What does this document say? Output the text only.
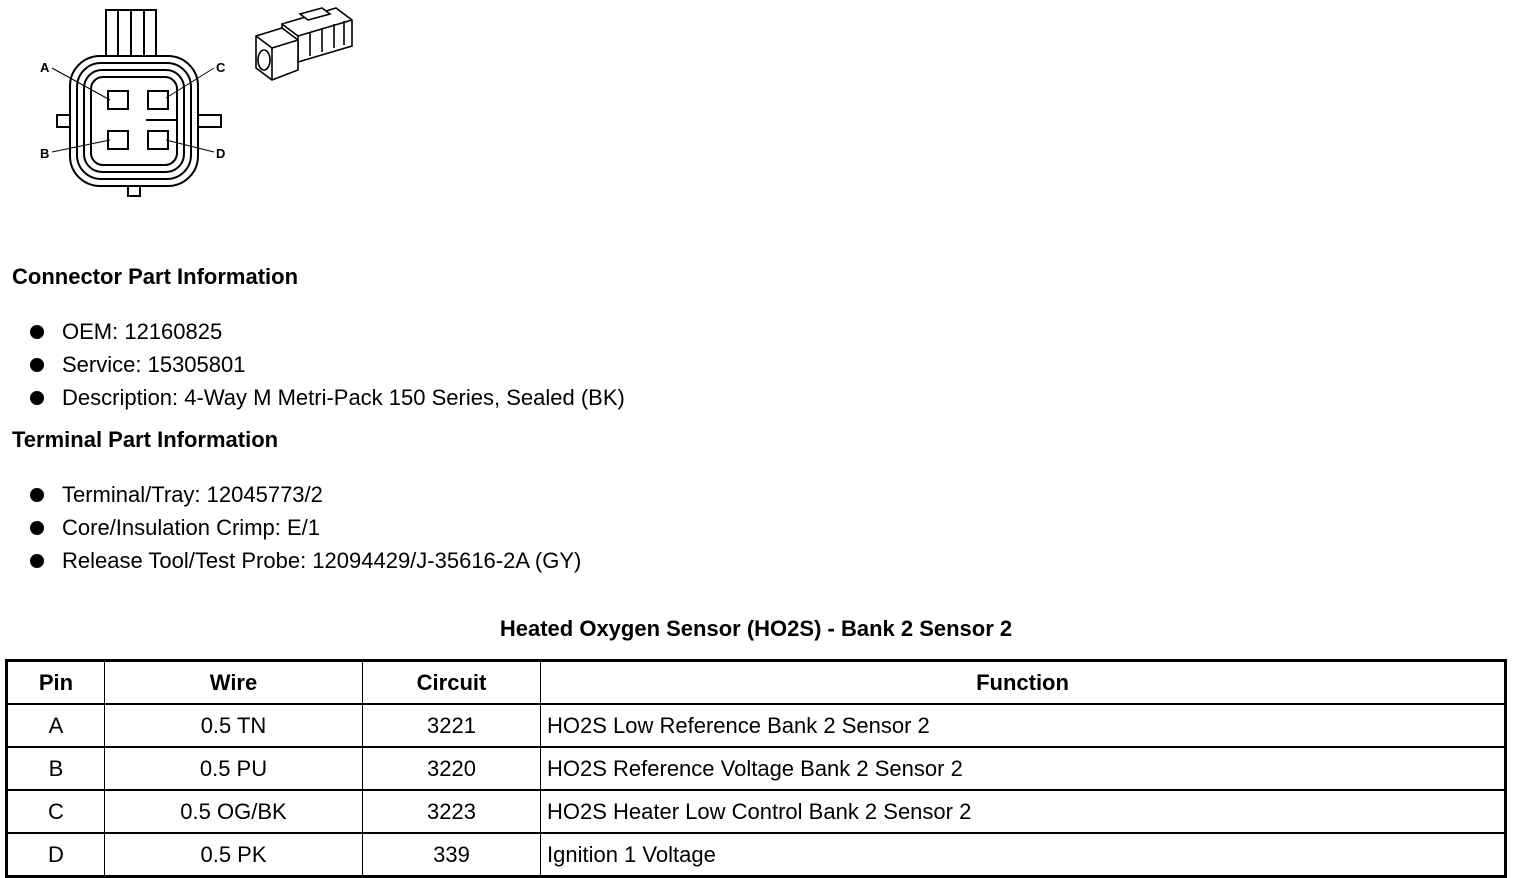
A
B
C
D
Connector Part Information
OEM: 12160825
Service: 15305801
Description: 4-Way M Metri-Pack 150 Series, Sealed (BK)
Terminal Part Information
Terminal/Tray: 12045773/2
Core/Insulation Crimp: E/1
Release Tool/Test Probe: 12094429/J-35616-2A (GY)
Heated Oxygen Sensor (HO2S) - Bank 2 Sensor 2
Pin	Wire	Circuit	Function
A	0.5 TN	3221	HO2S Low Reference Bank 2 Sensor 2
B	0.5 PU	3220	HO2S Reference Voltage Bank 2 Sensor 2
C	0.5 OG/BK	3223	HO2S Heater Low Control Bank 2 Sensor 2
D	0.5 PK	339	Ignition 1 Voltage
